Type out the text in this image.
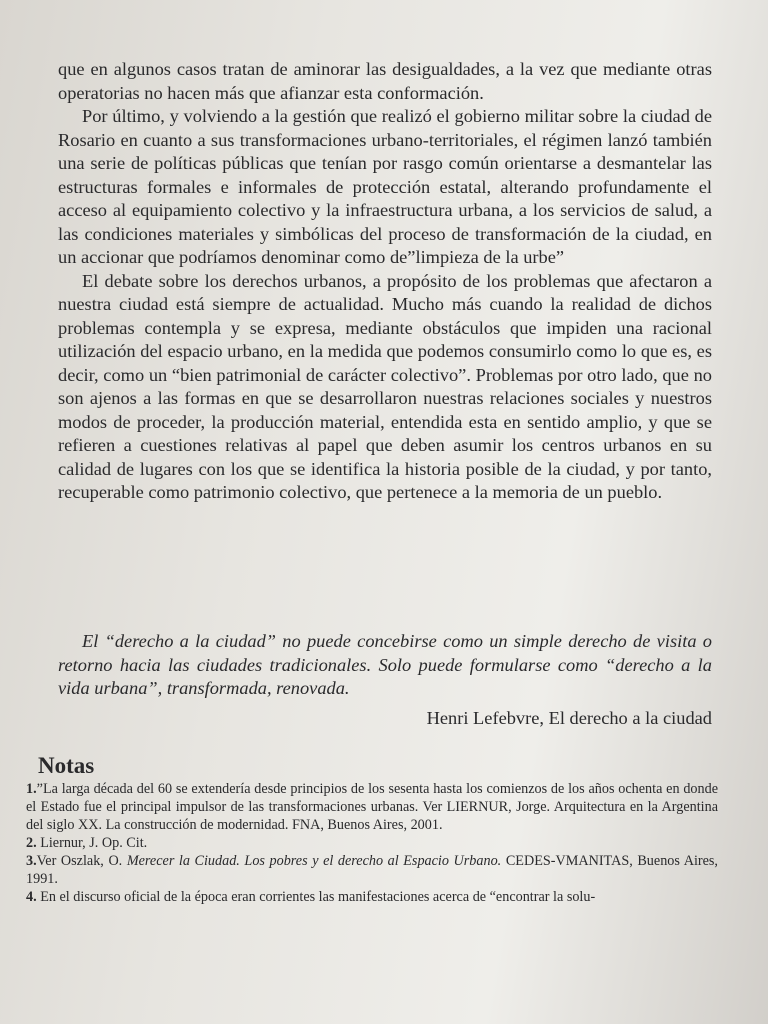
que en algunos casos tratan de aminorar las desigualdades, a la vez que mediante otras operatorias no hacen más que afianzar esta conformación.

Por último, y volviendo a la gestión que realizó el gobierno militar sobre la ciudad de Rosario en cuanto a sus transformaciones urbano-territoriales, el régimen lanzó también una serie de políticas públicas que tenían por rasgo común orientarse a desmantelar las estructuras formales e informales de protección estatal, alterando profundamente el acceso al equipamiento colectivo y la infraestructura urbana, a los servicios de salud, a las condiciones materiales y simbólicas del proceso de transformación de la ciudad, en un accionar que podríamos denominar como de”limpieza de la urbe”

El debate sobre los derechos urbanos, a propósito de los problemas que afectaron a nuestra ciudad está siempre de actualidad. Mucho más cuando la realidad de dichos problemas contempla y se expresa, mediante obstáculos que impiden una racional utilización del espacio urbano, en la medida que podemos consumirlo como lo que es, es decir, como un “bien patrimonial de carácter colectivo”. Problemas por otro lado, que no son ajenos a las formas en que se desarrollaron nuestras relaciones sociales y nuestros modos de proceder, la producción material, entendida esta en sentido amplio, y que se refieren a cuestiones relativas al papel que deben asumir los centros urbanos en su calidad de lugares con los que se identifica la historia posible de la ciudad, y por tanto, recuperable como patrimonio colectivo, que pertenece a la memoria de un pueblo.

El “derecho a la ciudad” no puede concebirse como un simple derecho de visita o retorno hacia las ciudades tradicionales. Solo puede formularse como “derecho a la vida urbana”, transformada, renovada.

Henri Lefebvre, El derecho a la ciudad
Notas

1.”La larga década del 60 se extendería desde principios de los sesenta hasta los comienzos de los años ochenta en donde el Estado fue el principal impulsor de las transformaciones urbanas. Ver LIERNUR, Jorge. Arquitectura en la Argentina del siglo XX. La construcción de modernidad. FNA, Buenos Aires, 2001.

2. Liernur, J. Op. Cit.

3.Ver Oszlak, O. Merecer la Ciudad. Los pobres y el derecho al Espacio Urbano. CEDES-VMANITAS, Buenos Aires, 1991.

4. En el discurso oficial de la época eran corrientes las manifestaciones acerca de “encontrar la solu-
